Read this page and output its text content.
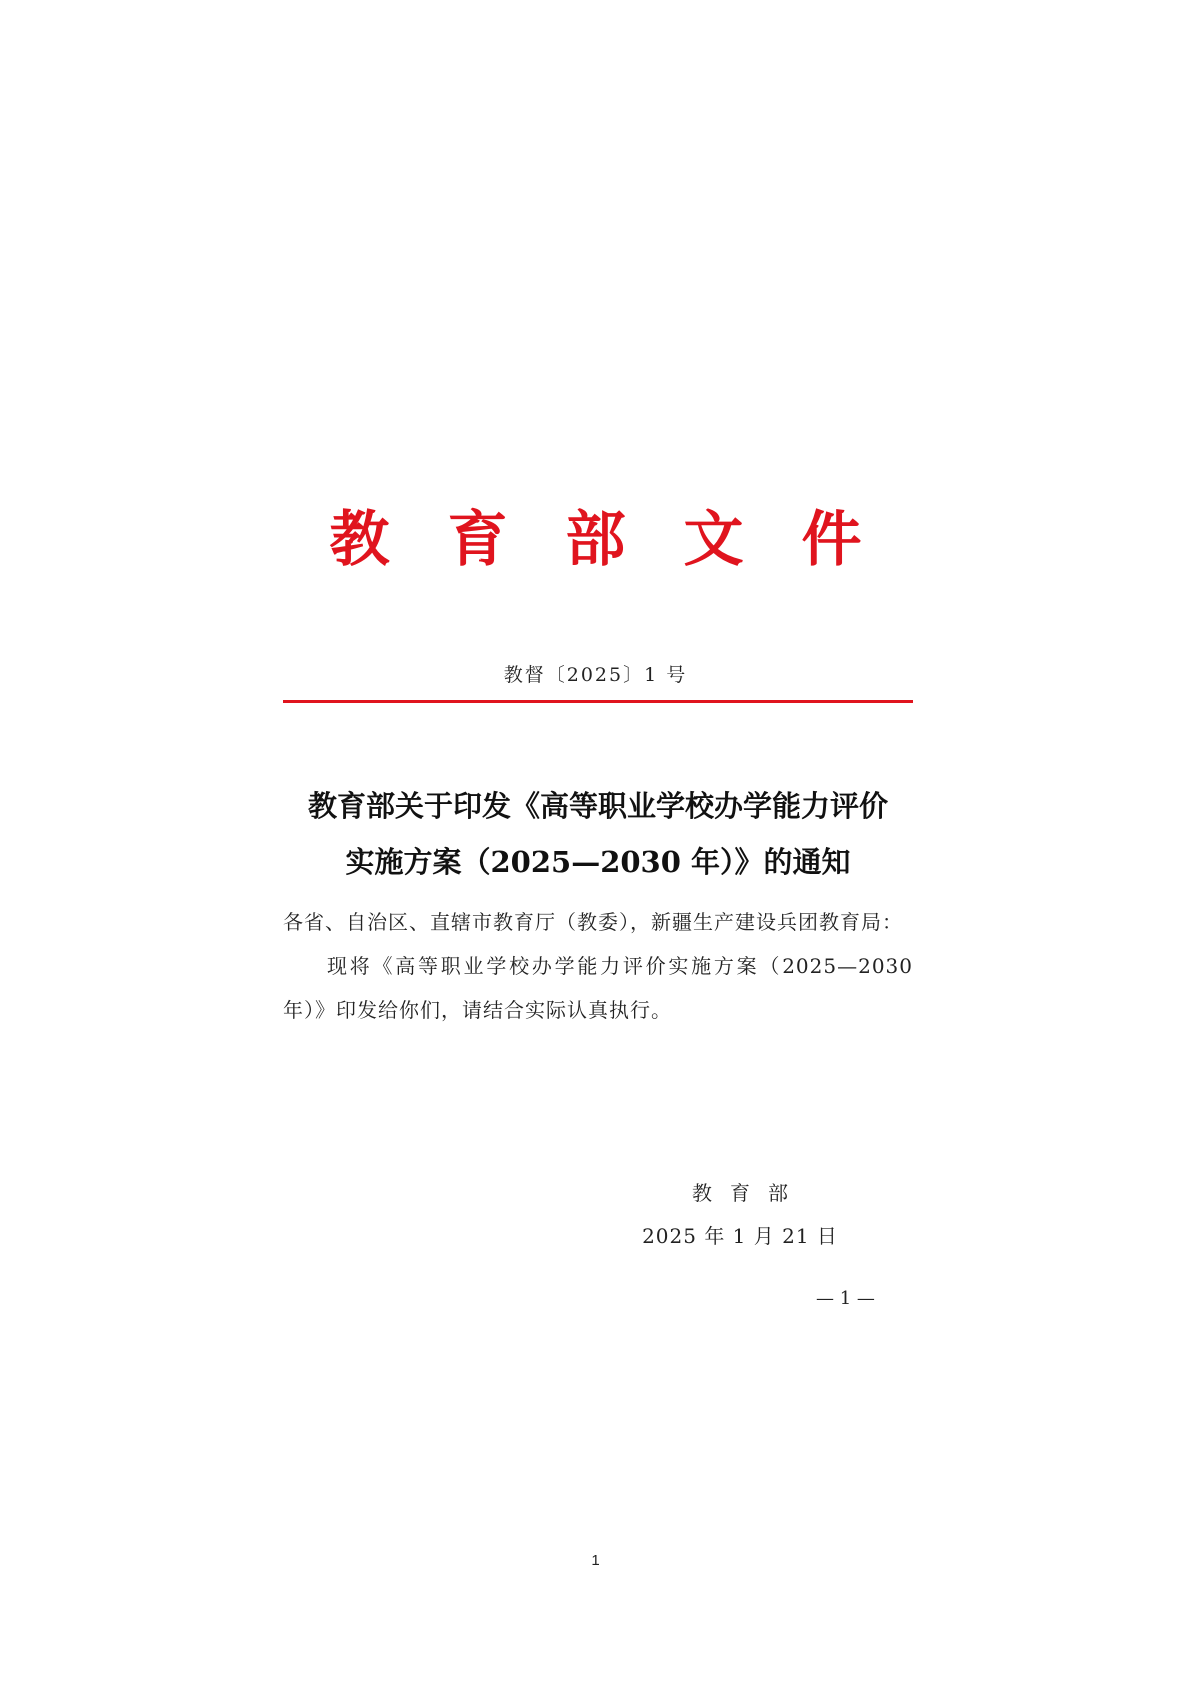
教育部文件
教督〔2025〕1 号
教育部关于印发《高等职业学校办学能力评价
实施方案（2025—2030 年）》的通知
各省、自治区、直辖市教育厅（教委），新疆生产建设兵团教育局：
现将《高等职业学校办学能力评价实施方案（2025—2030 年）》印发给你们，请结合实际认真执行。
教育部
2025 年 1 月 21 日
— 1 —
1
